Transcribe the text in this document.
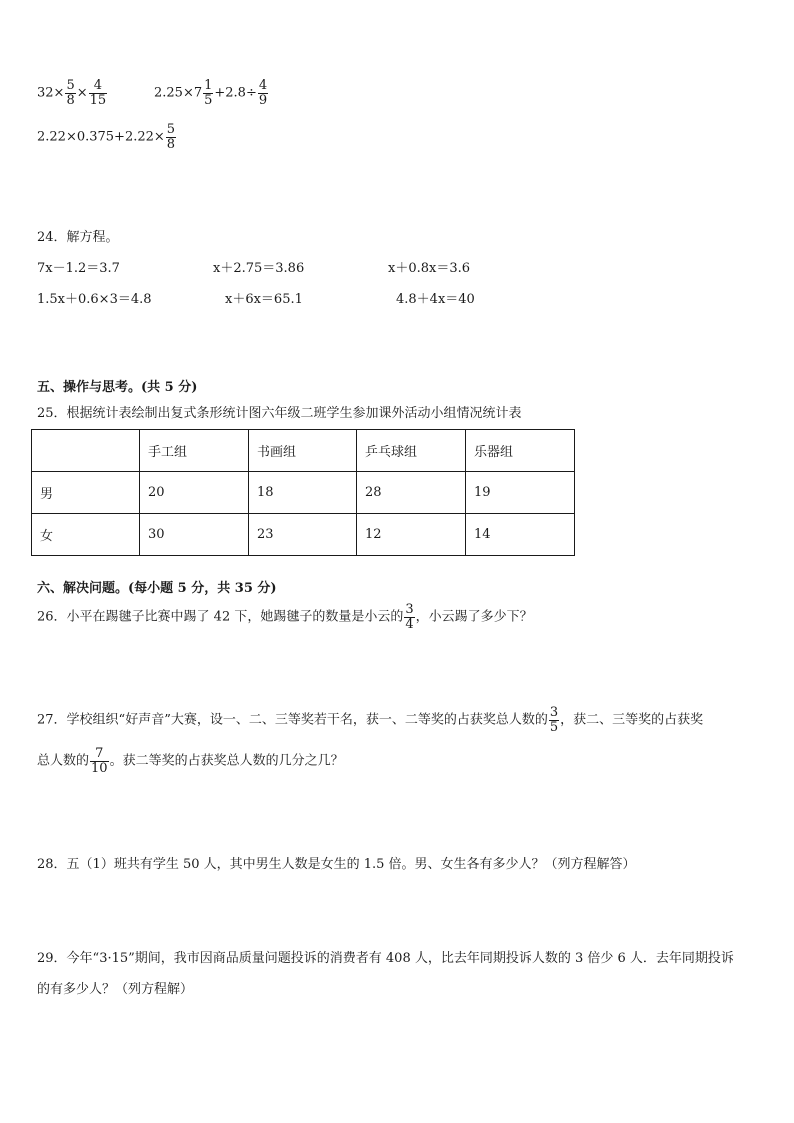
$32\times \frac{5}{8} \times \frac{4}{15}$	$2.25\times 7 \frac{1}{5} +2.8\div \frac{4}{9}$
$2.22\times 0.375+2.22\times \frac{5}{8}$
24．解方程。
7x－1.2＝3.7	x＋2.75＝3.86	x＋0.8x＝3.6
1.5x＋0.6×3＝4.8	x＋6x＝65.1	4.8＋4x＝40
五、操作与思考。(共 5 分)
25．根据统计表绘制出复式条形统计图六年级二班学生参加课外活动小组情况统计表
	手工组	书画组	乒乓球组	乐器组
男	20	18	28	19
女	30	23	12	14
六、解决问题。(每小题 5 分，共 35 分)
26．小平在踢毽子比赛中踢了 42 下，她踢毽子的数量是小云的 $\frac{3}{4}$ ，小云踢了多少下？
27．学校组织“好声音”大赛，设一、二、三等奖若干名，获一、二等奖的占获奖总人数的 $\frac{3}{5}$ ，获二、三等奖的占获奖
总人数的 $\frac{7}{10}$ 。获二等奖的占获奖总人数的几分之几？
28．五（1）班共有学生 50 人，其中男生人数是女生的 1.5 倍。男、女生各有多少人？（列方程解答）
29．今年“3·15”期间，我市因商品质量问题投诉的消费者有 408 人，比去年同期投诉人数的 3 倍少 6 人．去年同期投诉
的有多少人？（列方程解）
